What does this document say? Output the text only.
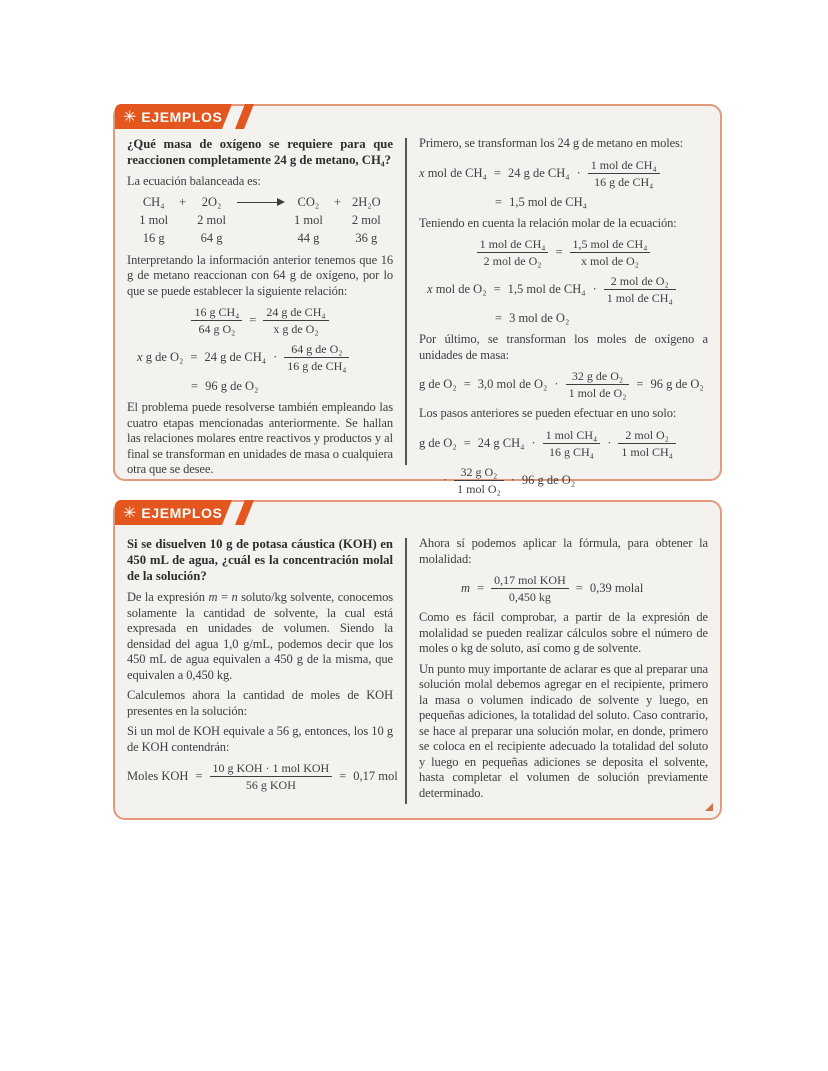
✳ EJEMPLOS

¿Qué masa de oxígeno se requiere para que reaccionen completamente 24 g de metano, CH₄?

La ecuación balanceada es:

CH₄ +	2O₂	→ CO₂ + 2H₂O
1 mol 2 mol	1 mol 2 mol
16 g	64 g	44 g	36 g

Interpretando la información anterior tenemos que 16 g de metano reaccionan con 64 g de oxígeno, por lo que se puede establecer la siguiente relación:

$\frac{\text{16 g CH₄}}{\text{64 g O₂}} = \frac{\text{24 g de CH₄}}{\text{x g de O₂}}$
x g de O₂ = 24 g de $CH_4 \cdot \frac{\text{64 g de O₂}}{\text{16 g de CH₄}}$
= 96 g de O₂

El problema puede resolverse también empleando las cuatro etapas mencionadas anteriormente. Se hallan las relaciones molares entre reactivos y productos y al final se transforman en unidades de masa o cualquiera otra que se desee.

Primero, se transforman los 24 g de metano en moles:

x mol de CH₄ = 24 g de $CH_4 \cdot \frac{\text{1 mol de CH₄}}{\text{16 g de CH₄}}$
= 1,5 mol de CH₄

Teniendo en cuenta la relación molar de la ecuación:

$\frac{\text{1 mol de CH₄}}{\text{2 mol de O₂}} = \frac{\text{1,5 mol de CH₄}}{\text{x mol de O₂}}$
x mol de O₂ = 1,5 mol de $CH_4 \cdot \frac{\text{2 mol de O₂}}{\text{1 mol de CH₄}}$
= 3 mol de O₂

Por último, se transforman los moles de oxígeno a unidades de masa:

g de O₂ = 3,0 mol de $O_2 \cdot \frac{\text{32 g de O₂}}{\text{1 mol de O₂}} = 96$ g de O₂

Los pasos anteriores se pueden efectuar en uno solo:

g de O₂ = 24 g $CH_4 \cdot \frac{\text{1 mol CH₄}}{\text{16 g CH₄}} \cdot \frac{\text{2 mol O₂}}{\text{1 mol CH₄}}$
· $\frac{\text{32 g O₂}}{\text{1 mol O₂}} \cdot 96$ g de O₂
✳ EJEMPLOS

Si se disuelven 10 g de potasa cáustica (KOH) en 450 mL de agua, ¿cuál es la concentración molal de la solución?

De la expresión m = n soluto/kg solvente, conocemos solamente la cantidad de solvente, la cual está expresada en unidades de volumen. Siendo la densidad del agua 1,0 g/mL, podemos decir que los 450 mL de agua equivalen a 450 g de la misma, que equivalen a 0,450 kg.

Calculemos ahora la cantidad de moles de KOH presentes en la solución:

Si un mol de KOH equivale a 56 g, entonces, los 10 g de KOH contendrán:

Moles KOH = $\frac{\text{10 g KOH · 1 mol KOH}}{\text{56 g KOH}} = 0,17$ mol

Ahora sí podemos aplicar la fórmula, para obtener la molalidad:

$m = \frac{\text{0,17 mol KOH}}{0,450 kg} = 0,39$ molal

Como es fácil comprobar, a partir de la expresión de molalidad se pueden realizar cálculos sobre el número de moles o kg de soluto, así como g de solvente.

Un punto muy importante de aclarar es que al preparar una solución molal debemos agregar en el recipiente, primero la masa o volumen indicado de solvente y luego, en pequeñas adiciones, la totalidad del soluto. Caso contrario, se hace al preparar una solución molar, en donde, primero se coloca en el recipiente adecuado la totalidad del soluto y luego en pequeñas adiciones se deposita el solvente, hasta completar el volumen de solución previamente determinado.
